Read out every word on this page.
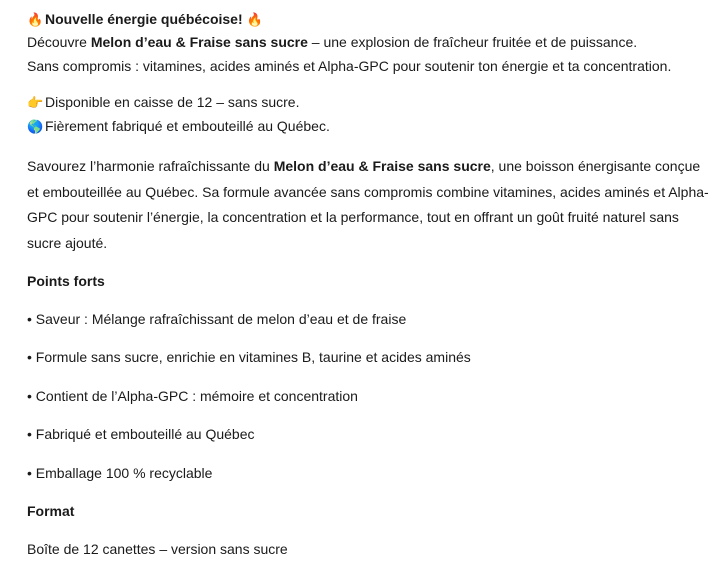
🔥 Nouvelle énergie québécoise! 🔥

Découvre Melon d’eau & Fraise sans sucre – une explosion de fraîcheur fruitée et de puissance.

Sans compromis : vitamines, acides aminés et Alpha-GPC pour soutenir ton énergie et ta concentration.

👉 Disponible en caisse de 12 – sans sucre.

🌎 Fièrement fabriqué et embouteillé au Québec.

Savourez l’harmonie rafraîchissante du Melon d’eau & Fraise sans sucre, une boisson énergisante conçue et embouteillée au Québec. Sa formule avancée sans compromis combine vitamines, acides aminés et Alpha-GPC pour soutenir l’énergie, la concentration et la performance, tout en offrant un goût fruité naturel sans sucre ajouté.

Points forts

• Saveur : Mélange rafraîchissant de melon d’eau et de fraise

• Formule sans sucre, enrichie en vitamines B, taurine et acides aminés

• Contient de l’Alpha-GPC : mémoire et concentration

• Fabriqué et embouteillé au Québec

• Emballage 100 % recyclable

Format

Boîte de 12 canettes – version sans sucre
